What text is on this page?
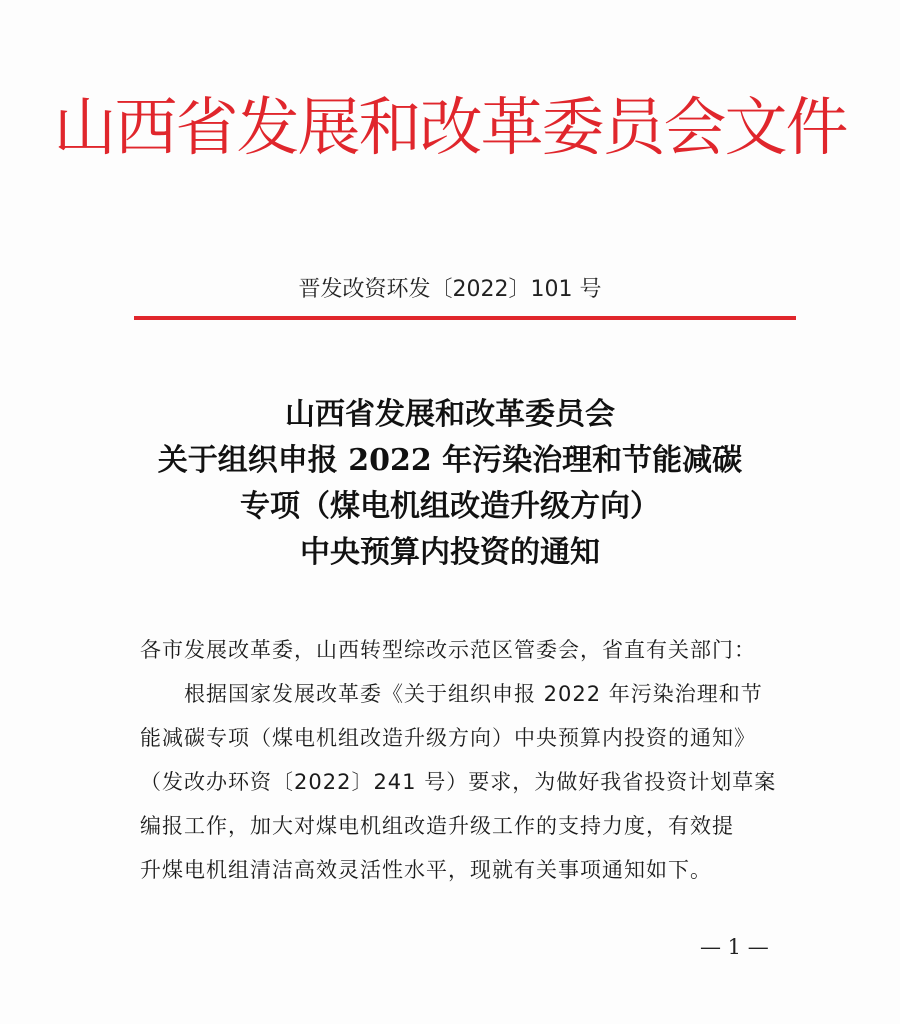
山西省发展和改革委员会文件
晋发改资环发〔2022〕101 号
山西省发展和改革委员会
关于组织申报 2022 年污染治理和节能减碳
专项（煤电机组改造升级方向）
中央预算内投资的通知
各市发展改革委，山西转型综改示范区管委会，省直有关部门：
根据国家发展改革委《关于组织申报 2022 年污染治理和节
能减碳专项（煤电机组改造升级方向）中央预算内投资的通知》
（发改办环资〔2022〕241 号）要求，为做好我省投资计划草案
编报工作，加大对煤电机组改造升级工作的支持力度，有效提
升煤电机组清洁高效灵活性水平，现就有关事项通知如下。
— 1 —
